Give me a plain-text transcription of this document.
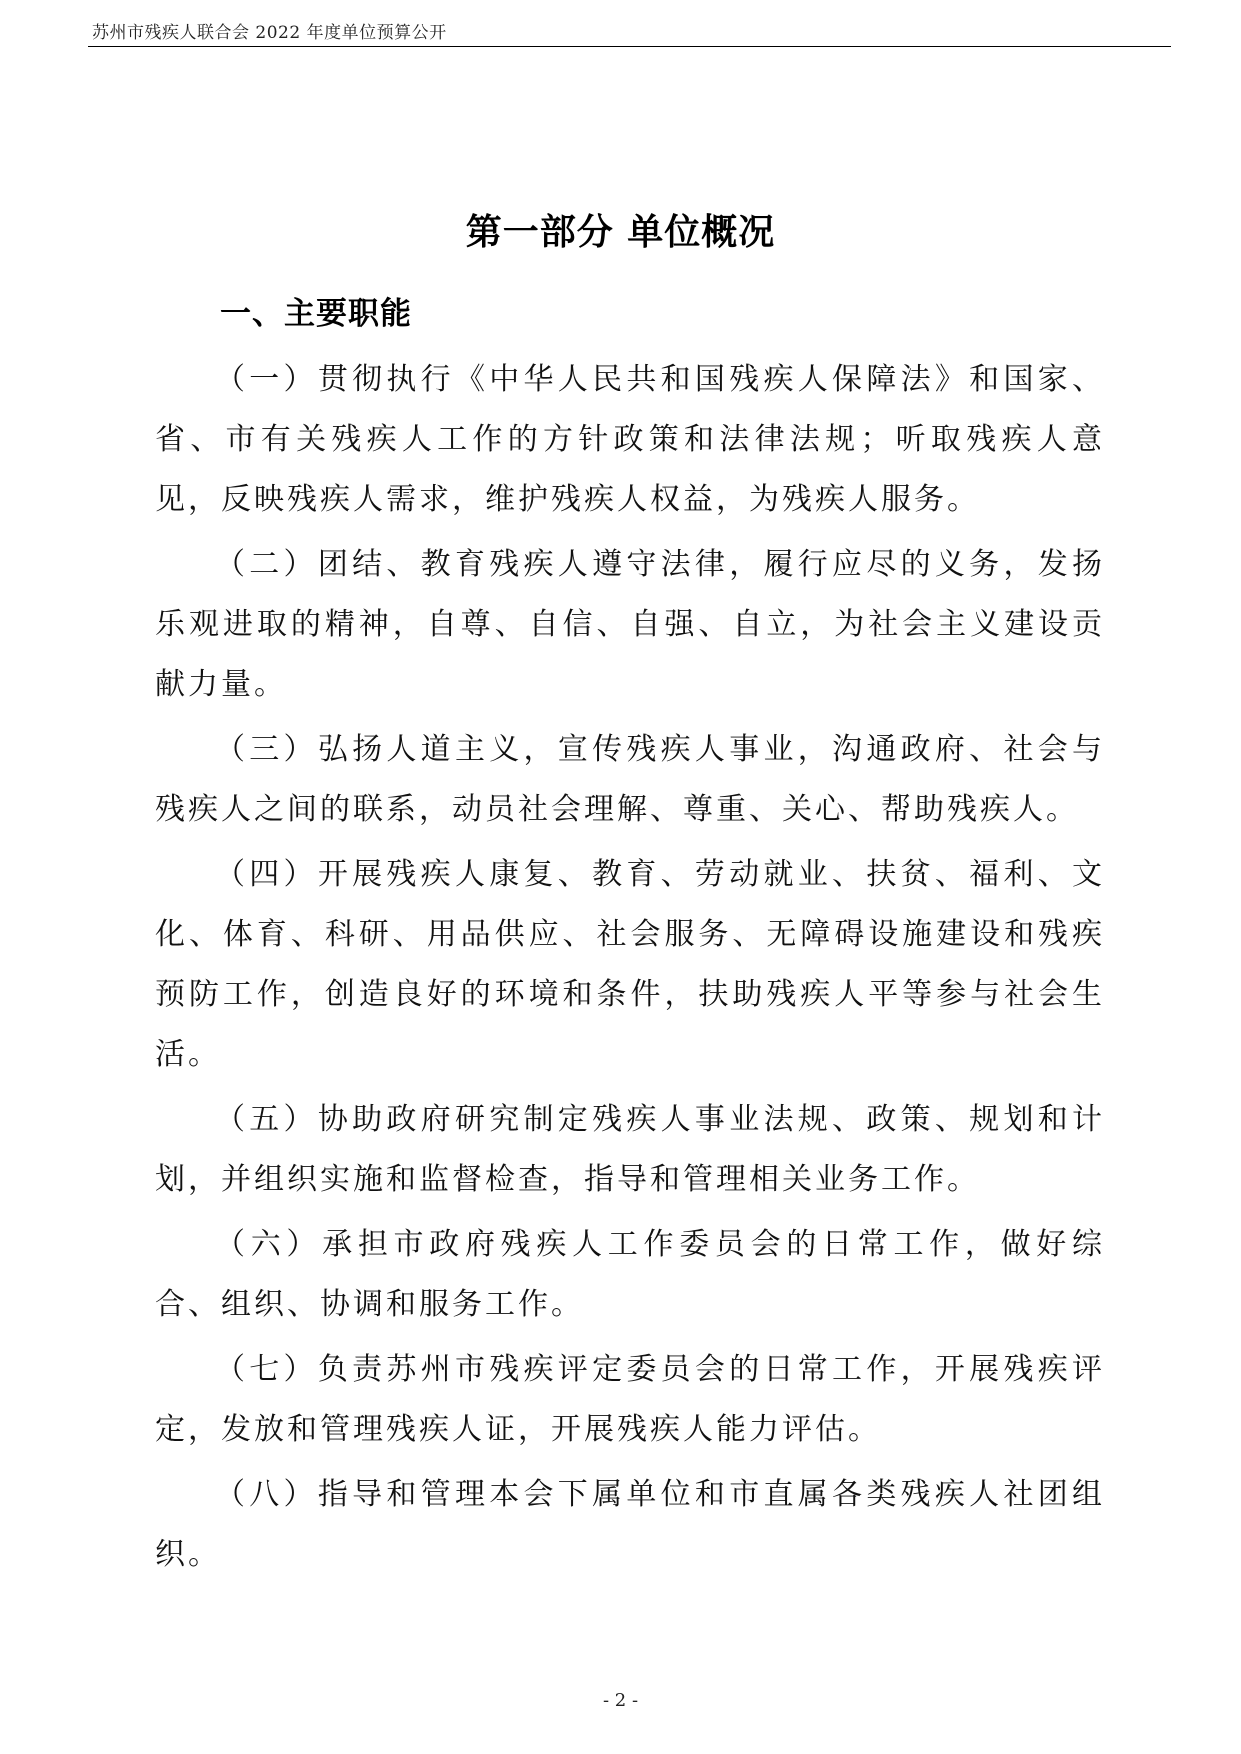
苏州市残疾人联合会 2022 年度单位预算公开
第一部分 单位概况
一、主要职能

（一）贯彻执行《中华人民共和国残疾人保障法》和国家、省、市有关残疾人工作的方针政策和法律法规；听取残疾人意见，反映残疾人需求，维护残疾人权益，为残疾人服务。

（二）团结、教育残疾人遵守法律，履行应尽的义务，发扬乐观进取的精神，自尊、自信、自强、自立，为社会主义建设贡献力量。

（三）弘扬人道主义，宣传残疾人事业，沟通政府、社会与残疾人之间的联系，动员社会理解、尊重、关心、帮助残疾人。

（四）开展残疾人康复、教育、劳动就业、扶贫、福利、文化、体育、科研、用品供应、社会服务、无障碍设施建设和残疾预防工作，创造良好的环境和条件，扶助残疾人平等参与社会生活。

（五）协助政府研究制定残疾人事业法规、政策、规划和计划，并组织实施和监督检查，指导和管理相关业务工作。

（六）承担市政府残疾人工作委员会的日常工作，做好综合、组织、协调和服务工作。

（七）负责苏州市残疾评定委员会的日常工作，开展残疾评定，发放和管理残疾人证，开展残疾人能力评估。

（八）指导和管理本会下属单位和市直属各类残疾人社团组织。

- 2 -
